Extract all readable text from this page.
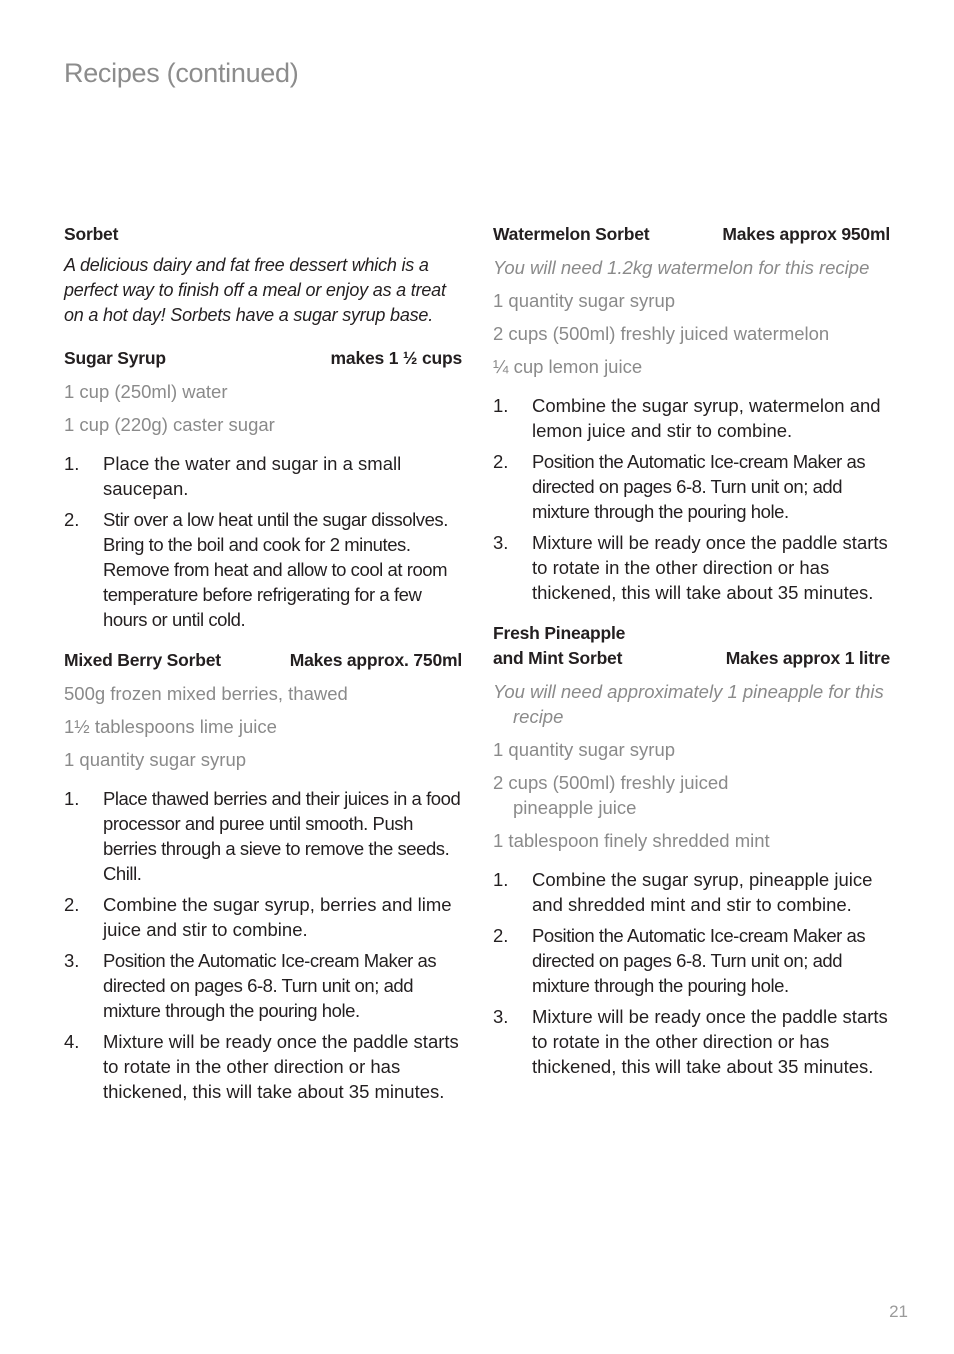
Recipes (continued)
Sorbet
A delicious dairy and fat free dessert which is a perfect way to finish off a meal or enjoy as a treat on a hot day! Sorbets have a sugar syrup base.
Sugar Syrup	makes 1 ½ cups
1 cup (250ml) water
1 cup (220g) caster sugar
1.	Place the water and sugar in a small saucepan.
2.	Stir over a low heat until the sugar dissolves. Bring to the boil and cook for 2 minutes. Remove from heat and allow to cool at room temperature before refrigerating for a few hours or until cold.
Mixed Berry Sorbet	Makes approx. 750ml
500g frozen mixed berries, thawed
1½ tablespoons lime juice
1 quantity sugar syrup
1.	Place thawed berries and their juices in a food processor and puree until smooth. Push berries through a sieve to remove the seeds. Chill.
2.	Combine the sugar syrup, berries and lime juice and stir to combine.
3.	Position the Automatic Ice-cream Maker as directed on pages 6-8. Turn unit on; add mixture through the pouring hole.
4.	Mixture will be ready once the paddle starts to rotate in the other direction or has thickened, this will take about 35 minutes.
Watermelon Sorbet	Makes approx 950ml
You will need 1.2kg watermelon for this recipe
1 quantity sugar syrup
2 cups (500ml) freshly juiced watermelon
¼ cup lemon juice
1.	Combine the sugar syrup, watermelon and lemon juice and stir to combine.
2.	Position the Automatic Ice-cream Maker as directed on pages 6-8. Turn unit on; add mixture through the pouring hole.
3.	Mixture will be ready once the paddle starts to rotate in the other direction or has thickened, this will take about 35 minutes.
Fresh Pineapple
and Mint Sorbet	Makes approx 1 litre
You will need approximately 1 pineapple for this recipe
1 quantity sugar syrup
2 cups (500ml) freshly juiced pineapple juice
1 tablespoon finely shredded mint
1.	Combine the sugar syrup, pineapple juice and shredded mint and stir to combine.
2.	Position the Automatic Ice-cream Maker as directed on pages 6-8. Turn unit on; add mixture through the pouring hole.
3.	Mixture will be ready once the paddle starts to rotate in the other direction or has thickened, this will take about 35 minutes.
21
